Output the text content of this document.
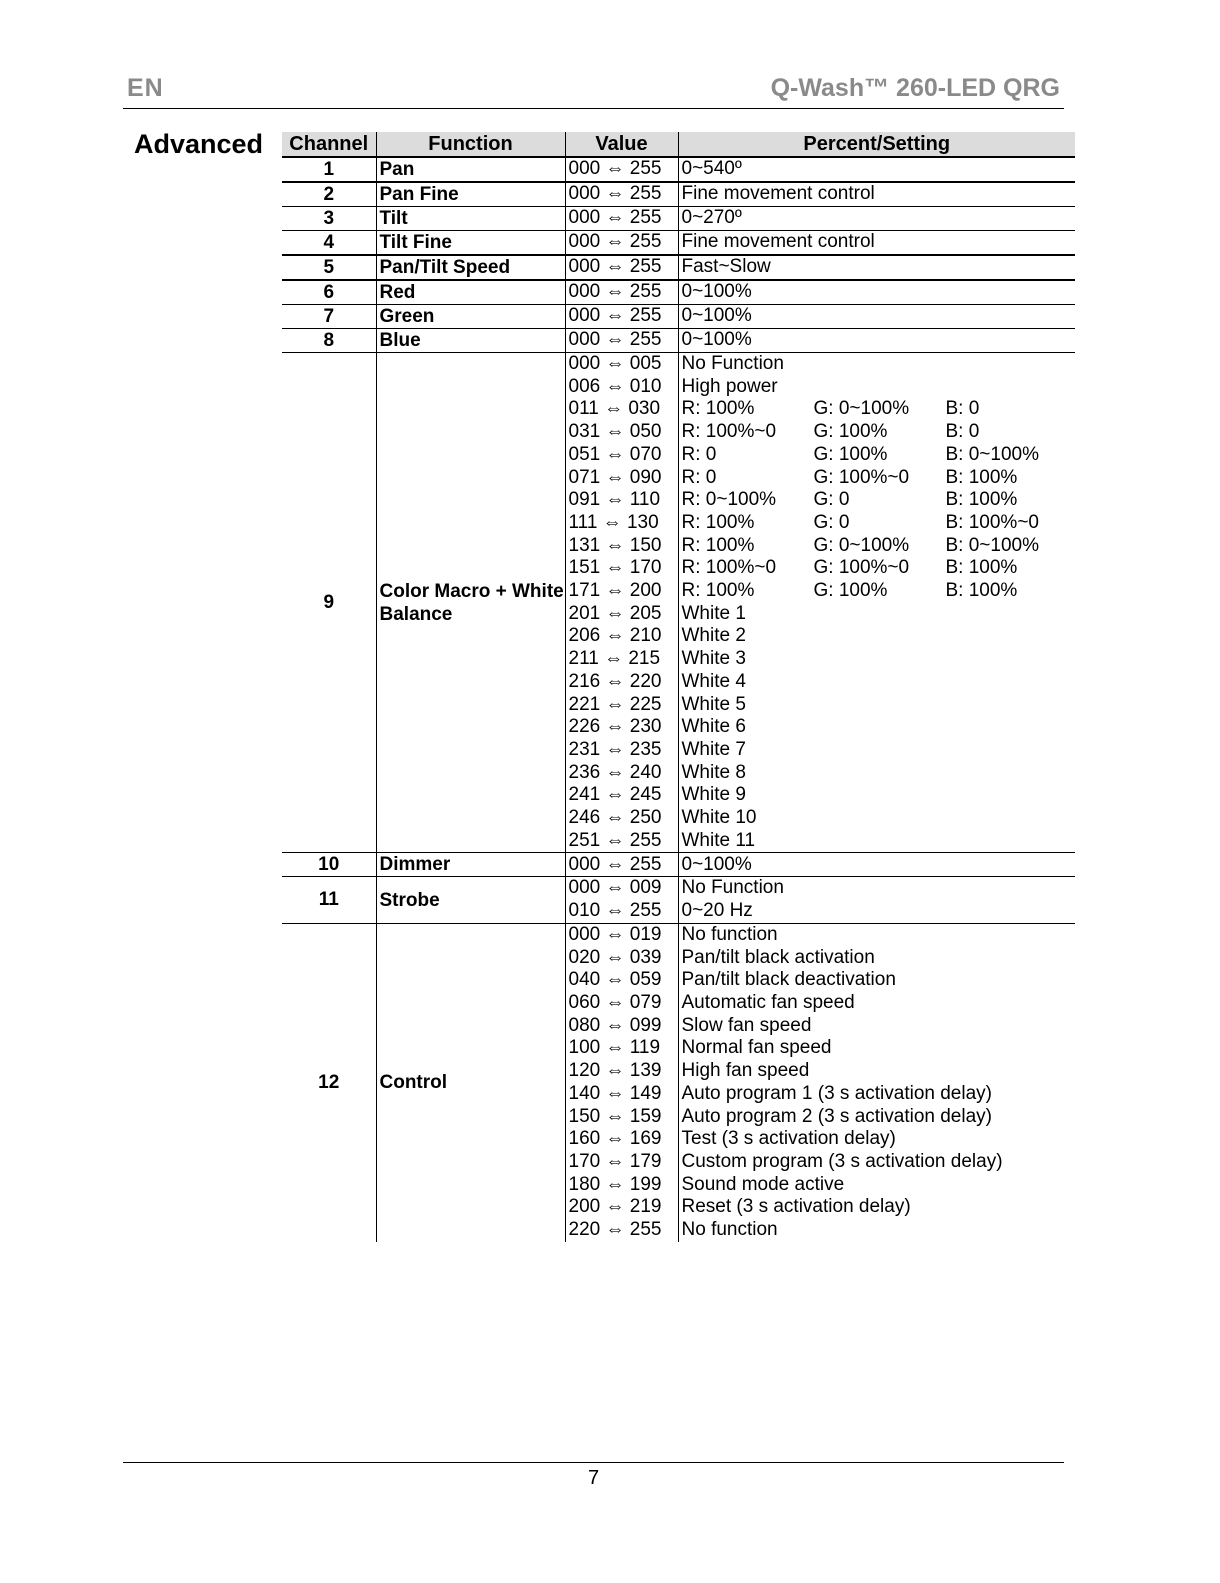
EN	Q-Wash™ 260-LED QRG
Advanced Channel	Function	Value	Percent/Setting
1	Pan	000 ⇔ 255	0~540º
2	Pan Fine	000 ⇔ 255	Fine movement control
3	Tilt	000 ⇔ 255	0~270º
4	Tilt Fine	000 ⇔ 255	Fine movement control
5	Pan/Tilt Speed	000 ⇔ 255	Fast~Slow
6	Red	000 ⇔ 255	0~100%
7	Green	000 ⇔ 255	0~100%
8	Blue	000 ⇔ 255	0~100%
9	Color Macro + White Balance	000 ⇔ 005	No Function
		006 ⇔ 010	High power
		011 ⇔ 030	R: 100% G: 0~100% B: 0
		031 ⇔ 050	R: 100%~0 G: 100% B: 0
		051 ⇔ 070	R: 0 G: 100% B: 0~100%
		071 ⇔ 090	R: 0 G: 100%~0 B: 100%
		091 ⇔ 110	R: 0~100% G: 0 B: 100%
		111 ⇔ 130	R: 100% G: 0 B: 100%~0
		131 ⇔ 150	R: 100% G: 0~100% B: 0~100%
		151 ⇔ 170	R: 100%~0 G: 100%~0 B: 100%
		171 ⇔ 200	R: 100% G: 100% B: 100%
		201 ⇔ 205	White 1
		206 ⇔ 210	White 2
		211 ⇔ 215	White 3
		216 ⇔ 220	White 4
		221 ⇔ 225	White 5
		226 ⇔ 230	White 6
		231 ⇔ 235	White 7
		236 ⇔ 240	White 8
		241 ⇔ 245	White 9
		246 ⇔ 250	White 10
		251 ⇔ 255	White 11
10	Dimmer	000 ⇔ 255	0~100%
11	Strobe	000 ⇔ 009	No Function
		010 ⇔ 255	0~20 Hz
12	Control	000 ⇔ 019	No function
		020 ⇔ 039	Pan/tilt black activation
		040 ⇔ 059	Pan/tilt black deactivation
		060 ⇔ 079	Automatic fan speed
		080 ⇔ 099	Slow fan speed
		100 ⇔ 119	Normal fan speed
		120 ⇔ 139	High fan speed
		140 ⇔ 149	Auto program 1 (3 s activation delay)
		150 ⇔ 159	Auto program 2 (3 s activation delay)
		160 ⇔ 169	Test (3 s activation delay)
		170 ⇔ 179	Custom program (3 s activation delay)
		180 ⇔ 199	Sound mode active
		200 ⇔ 219	Reset (3 s activation delay)
		220 ⇔ 255	No function
7
